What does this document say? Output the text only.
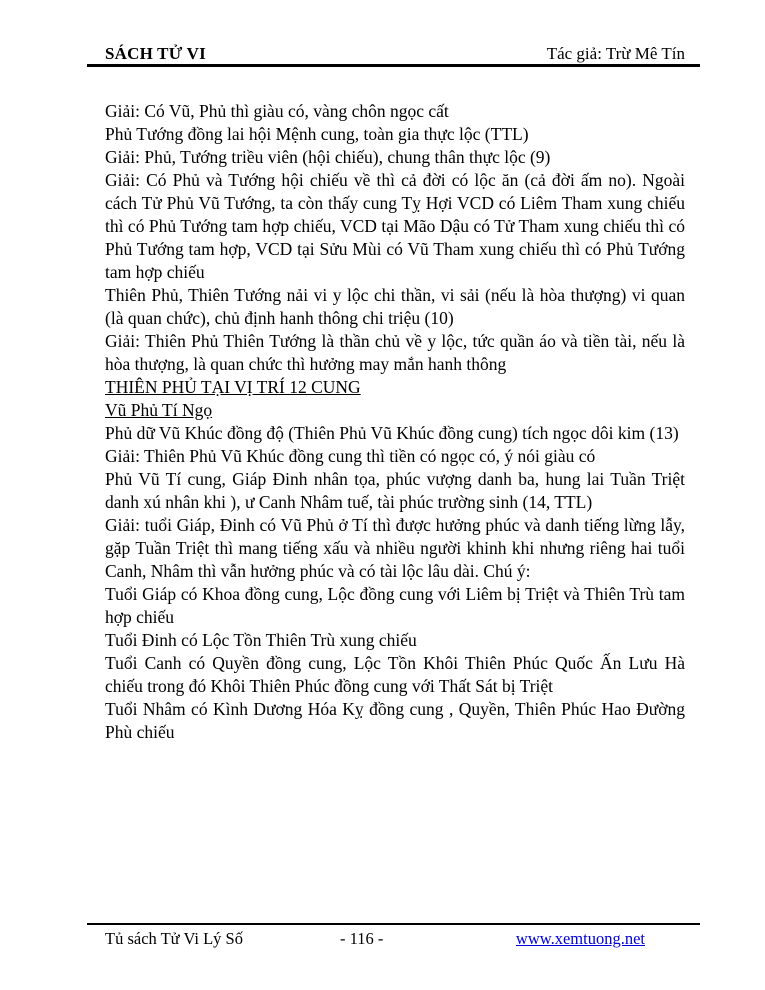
SÁCH TỬ VI	Tác giả: Trừ Mê Tín

Giải: Có Vũ, Phủ thì giàu có, vàng chôn ngọc cất

Phủ Tướng đồng lai hội Mệnh cung, toàn gia thực lộc (TTL)

Giải: Phủ, Tướng triều viên (hội chiếu), chung thân thực lộc (9)

Giải: Có Phủ và Tướng hội chiếu về thì cả đời có lộc ăn (cả đời ấm no). Ngoài cách Tử Phủ Vũ Tướng, ta còn thấy cung Tỵ Hợi VCD có Liêm Tham xung chiếu thì có Phủ Tướng tam hợp chiếu, VCD tại Mão Dậu có Tử Tham xung chiếu thì có Phủ Tướng tam hợp, VCD tại Sửu Mùi có Vũ Tham xung chiếu thì có Phủ Tướng tam hợp chiếu

Thiên Phủ, Thiên Tướng nải vi y lộc chi thần, vi sải (nếu là hòa thượng) vi quan (là quan chức), chủ định hanh thông chi triệu (10)

Giải: Thiên Phủ Thiên Tướng là thần chủ về y lộc, tức quần áo và tiền tài, nếu là hòa thượng, là quan chức thì hưởng may mắn hanh thông

THIÊN PHỦ TẠI VỊ TRÍ 12 CUNG

Vũ Phủ Tí Ngọ

Phủ dữ Vũ Khúc đồng độ (Thiên Phủ Vũ Khúc đồng cung) tích ngọc dôi kim (13)

Giải: Thiên Phủ Vũ Khúc đồng cung thì tiền có ngọc có, ý nói giàu có

Phủ Vũ Tí cung, Giáp Đinh nhân tọa, phúc vượng danh ba, hung lai Tuần Triệt danh xú nhân khi ), ư Canh Nhâm tuế, tài phúc trường sinh (14, TTL)

Giải: tuổi Giáp, Đinh có Vũ Phủ ở Tí thì được hưởng phúc và danh tiếng lừng lẫy, gặp Tuần Triệt thì mang tiếng xấu và nhiều người khinh khi nhưng riêng hai tuổi Canh, Nhâm thì vẫn hưởng phúc và có tài lộc lâu dài. Chú ý:

Tuổi Giáp có Khoa đồng cung, Lộc đồng cung với Liêm bị Triệt và Thiên Trù tam hợp chiếu

Tuổi Đinh có Lộc Tồn Thiên Trù xung chiếu

Tuổi Canh có Quyền đồng cung, Lộc Tồn Khôi Thiên Phúc Quốc Ấn Lưu Hà chiếu trong đó Khôi Thiên Phúc đồng cung với Thất Sát bị Triệt

Tuổi Nhâm có Kình Dương Hóa Kỵ đồng cung , Quyền, Thiên Phúc Hao Đường Phù chiếu

Tủ sách Tử Vi Lý Số	- 116 -	www.xemtuong.net
